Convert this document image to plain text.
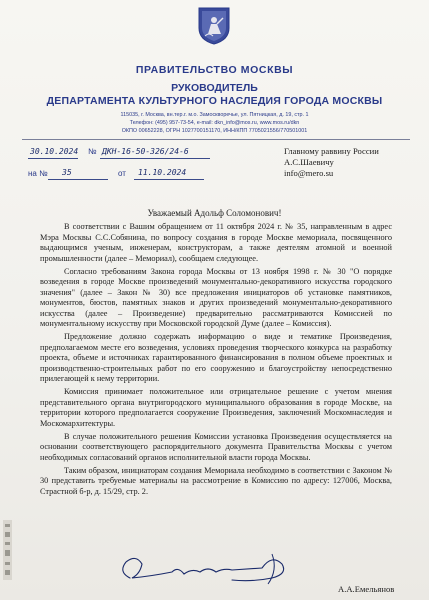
ПРАВИТЕЛЬСТВО МОСКВЫ
РУКОВОДИТЕЛЬ
ДЕПАРТАМЕНТА КУЛЬТУРНОГО НАСЛЕДИЯ ГОРОДА МОСКВЫ
115035, г. Москва, вн.тер.г. м.о. Замоскворечье, ул. Пятницкая, д. 19, стр. 1
Телефон: (495) 957-73-54, e-mail: dkn_info@mos.ru, www.mos.ru/dkn
ОКПО 00652228, ОГРН 1027700151170, ИНН/КПП 7705021556/770501001
30.10.2024 № ДКН-16-50-326/24-6
на № 35	от 11.10.2024
Главному раввину России
А.С.Шаевичу
info@mero.su
Уважаемый Адольф Соломонович!

В соответствии с Вашим обращением от 11 октября 2024 г. № 35, направленным в адрес Мэра Москвы С.С.Собянина, по вопросу создания в городе Москве мемориала, посвященного выдающимся ученым, инженерам, конструкторам, а также деятелям атомной и военной промышленности (далее – Мемориал), сообщаем следующее.

Согласно требованиям Закона города Москвы от 13 ноября 1998 г. № 30 "О порядке возведения в городе Москве произведений монументально-декоративного искусства городского значения" (далее – Закон № 30) все предложения инициаторов об установке памятников, монументов, бюстов, памятных знаков и других произведений монументально-декоративного искусства (далее – Произведение) предварительно рассматриваются Комиссией по монументальному искусству при Московской городской Думе (далее – Комиссия).

Предложение должно содержать информацию о виде и тематике Произведения, предполагаемом месте его возведения, условиях проведения творческого конкурса на разработку проекта, объеме и источниках гарантированного финансирования в полном объеме проектных и производственно-строительных работ по его сооружению и благоустройству непосредственно прилегающей к нему территории.

Комиссия принимает положительное или отрицательное решение с учетом мнения представительного органа внутригородского муниципального образования в городе Москве, на территории которого предполагается сооружение Произведения, заключений Москомнаследия и Москомархитектуры.

В случае положительного решения Комиссии установка Произведения осуществляется на основании соответствующего распорядительного документа Правительства Москвы с учетом необходимых согласований органов исполнительной власти города Москвы.

Таким образом, инициаторам создания Мемориала необходимо в соответствии с Законом № 30 представить требуемые материалы на рассмотрение в Комиссию по адресу: 127006, Москва, Страстной б-р, д. 15/29, стр. 2.

А.А.Емельянов
